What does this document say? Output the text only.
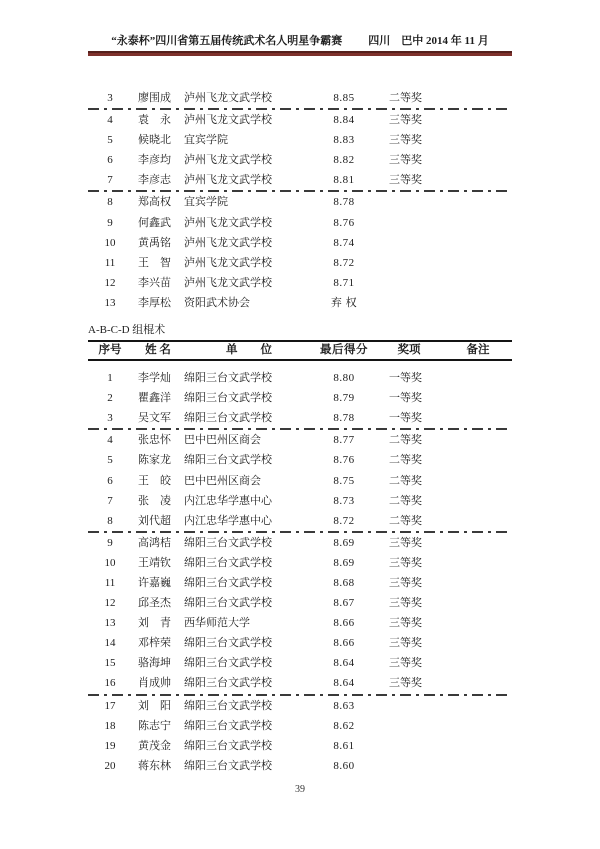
“永泰杯”四川省第五届传统武术名人明星争霸赛 四川　巴中 2014 年 11 月
3	廖围成	泸州飞龙文武学校	8.85	二等奖
4	袁　永	泸州飞龙文武学校	8.84	三等奖
5	候晓北	宜宾学院	8.83	三等奖
6	李彦均	泸州飞龙文武学校	8.82	三等奖
7	李彦志	泸州飞龙文武学校	8.81	三等奖
8	郑高权	宜宾学院	8.78
9	何鑫武	泸州飞龙文武学校	8.76
10	黄禹铭	泸州飞龙文武学校	8.74
11	王　智	泸州飞龙文武学校	8.72
12	李兴苗	泸州飞龙文武学校	8.71
13	李厚松	资阳武术协会	弃 权
A-B-C-D 组棍术
序号	姓 名	单　　位	最后得分	奖项	备注
1	李学灿	绵阳三台文武学校	8.80	一等奖
2	瞿鑫洋	绵阳三台文武学校	8.79	一等奖
3	吴文军	绵阳三台文武学校	8.78	一等奖
4	张忠怀	巴中巴州区商会	8.77	二等奖
5	陈家龙	绵阳三台文武学校	8.76	二等奖
6	王　皎	巴中巴州区商会	8.75	二等奖
7	张　凌	内江忠华学惠中心	8.73	二等奖
8	刘代超	内江忠华学惠中心	8.72	二等奖
9	高鸿桔	绵阳三台文武学校	8.69	三等奖
10	王靖钦	绵阳三台文武学校	8.69	三等奖
11	许嘉巍	绵阳三台文武学校	8.68	三等奖
12	邱圣杰	绵阳三台文武学校	8.67	三等奖
13	刘　青	西华师范大学	8.66	三等奖
14	邓梓荣	绵阳三台文武学校	8.66	三等奖
15	骆海坤	绵阳三台文武学校	8.64	三等奖
16	肖成帅	绵阳三台文武学校	8.64	三等奖
17	刘　阳	绵阳三台文武学校	8.63
18	陈志宁	绵阳三台文武学校	8.62
19	黄茂金	绵阳三台文武学校	8.61
20	蒋东林	绵阳三台文武学校	8.60
39
